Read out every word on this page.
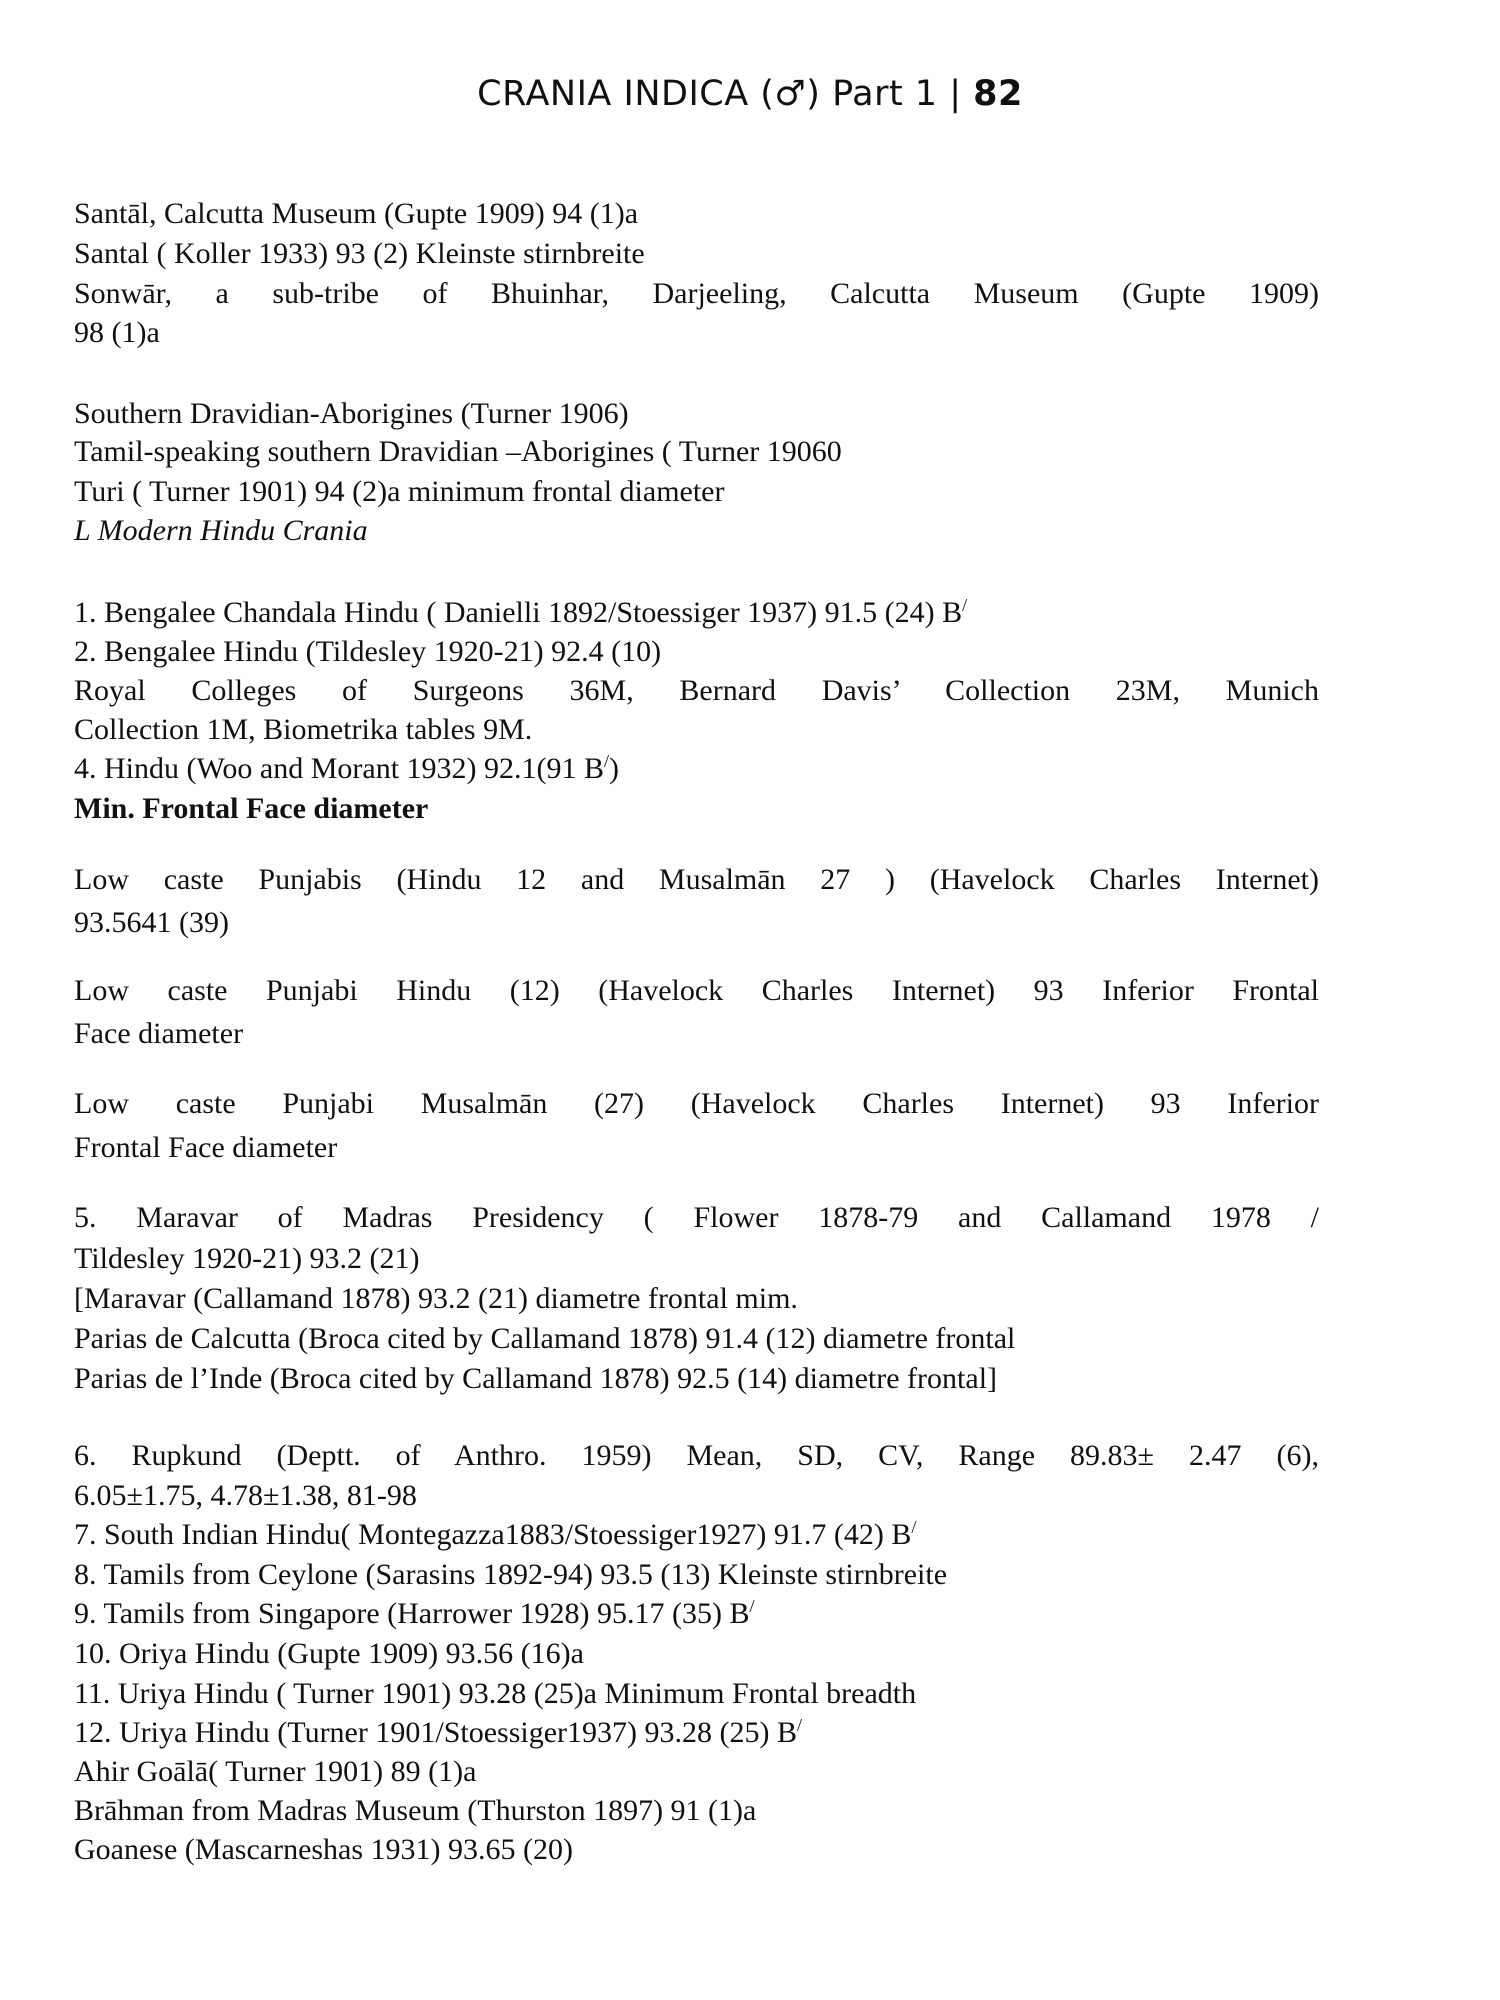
CRANIA INDICA (♂) Part 1 | 82
Santāl, Calcutta Museum (Gupte 1909) 94 (1)a
Santal ( Koller 1933) 93 (2) Kleinste stirnbreite
Sonwār, a sub-tribe of Bhuinhar, Darjeeling, Calcutta Museum (Gupte 1909)
98 (1)a
Southern Dravidian-Aborigines (Turner 1906)
Tamil-speaking southern Dravidian –Aborigines ( Turner 19060
Turi ( Turner 1901) 94 (2)a minimum frontal diameter
L Modern Hindu Crania
1. Bengalee Chandala Hindu ( Danielli 1892/Stoessiger 1937) 91.5 (24) B/
2. Bengalee Hindu (Tildesley 1920-21) 92.4 (10)
Royal Colleges of Surgeons 36M, Bernard Davis’ Collection 23M, Munich
Collection 1M, Biometrika tables 9M.
4. Hindu (Woo and Morant 1932) 92.1(91 B/)
Min. Frontal Face diameter
Low caste Punjabis (Hindu 12 and Musalmān 27 ) (Havelock Charles Internet)
93.5641 (39)
Low caste Punjabi Hindu (12) (Havelock Charles Internet) 93 Inferior Frontal
Face diameter
Low caste Punjabi Musalmān (27) (Havelock Charles Internet) 93 Inferior
Frontal Face diameter
5. Maravar of Madras Presidency ( Flower 1878-79 and Callamand 1978 /
Tildesley 1920-21) 93.2 (21)
[Maravar (Callamand 1878) 93.2 (21) diametre frontal mim.
Parias de Calcutta (Broca cited by Callamand 1878) 91.4 (12) diametre frontal
Parias de l’Inde (Broca cited by Callamand 1878) 92.5 (14) diametre frontal]
6. Rupkund (Deptt. of Anthro. 1959) Mean, SD, CV, Range 89.83± 2.47 (6),
6.05±1.75, 4.78±1.38, 81-98
7. South Indian Hindu( Montegazza1883/Stoessiger1927) 91.7 (42) B/
8. Tamils from Ceylone (Sarasins 1892-94) 93.5 (13) Kleinste stirnbreite
9. Tamils from Singapore (Harrower 1928) 95.17 (35) B/
10. Oriya Hindu (Gupte 1909) 93.56 (16)a
11. Uriya Hindu ( Turner 1901) 93.28 (25)a Minimum Frontal breadth
12. Uriya Hindu (Turner 1901/Stoessiger1937) 93.28 (25) B/
Ahir Goālā( Turner 1901) 89 (1)a
Brāhman from Madras Museum (Thurston 1897) 91 (1)a
Goanese (Mascarneshas 1931) 93.65 (20)
